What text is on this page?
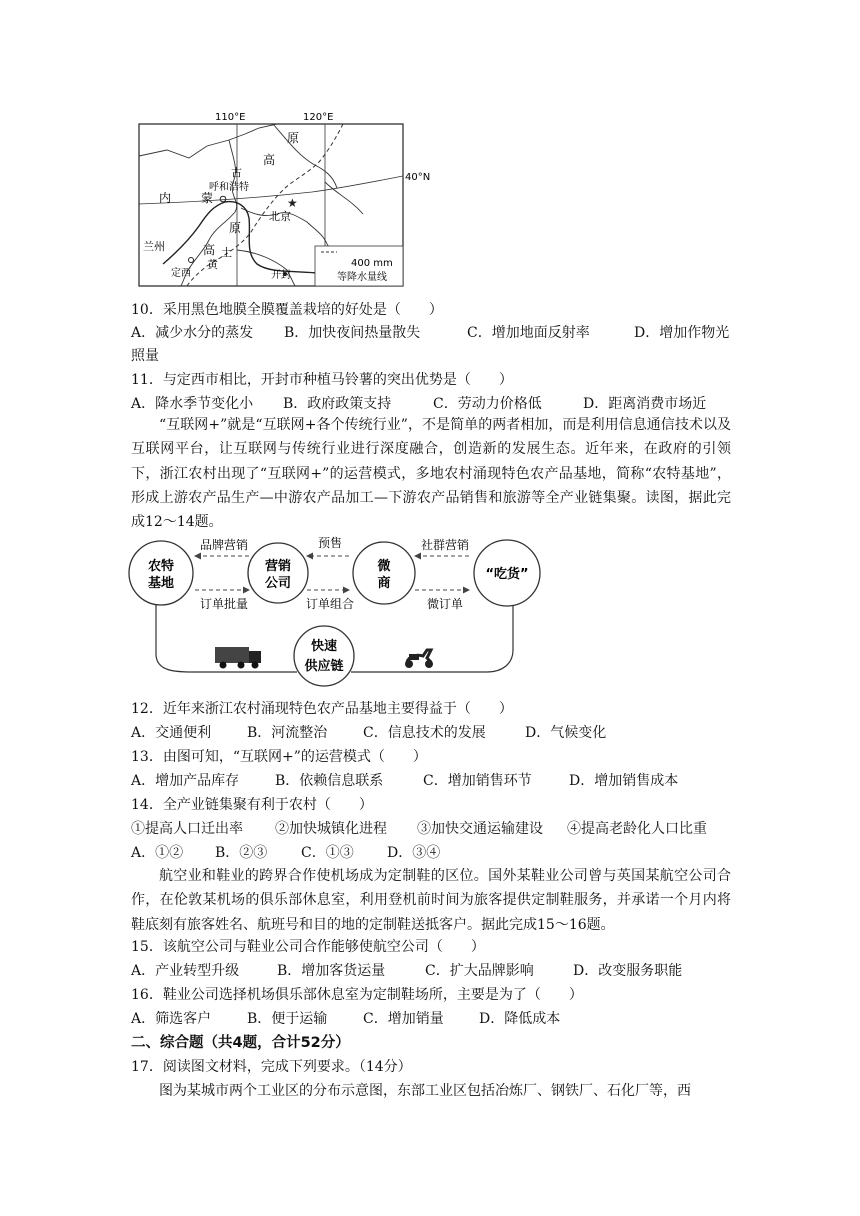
★
110°E	120°E
40°N
原
高
古
呼和浩特
内 蒙
北京
原
高 土
黄
兰州
定西	开封
400 mm
等降水量线
10．采用黑色地膜全膜覆盖栽培的好处是（　　）
A．减少水分的蒸发	B．加快夜间热量散失	C．增加地面反射率	D．增加作物光
照量
11．与定西市相比，开封市种植马铃薯的突出优势是（　　）
A．降水季节变化小	B．政府政策支持	C．劳动力价格低	D．距离消费市场近

“互联网+”就是“互联网+各个传统行业”，不是简单的两者相加，而是利用信息通信技术以及互联网平台，让互联网与传统行业进行深度融合，创造新的发展生态。近年来，在政府的引领下，浙江农村出现了“互联网+”的运营模式，多地农村涌现特色农产品基地，简称“农特基地”，形成上游农产品生产—中游农产品加工—下游农产品销售和旅游等全产业链集聚。读图，据此完成12～14题。

农特
基地
营销
公司
微
商
“吃货”
快速
供应链
品牌营销	预售	社群营销
订单批量	订单组合	微订单
12．近年来浙江农村涌现特色农产品基地主要得益于（　　）
A．交通便利	B．河流整治	C．信息技术的发展	D．气候变化
13．由图可知，“互联网+”的运营模式（　　）
A．增加产品库存	B．依赖信息联系	C．增加销售环节	D．增加销售成本
14．全产业链集聚有利于农村（　　）
①提高人口迁出率	②加快城镇化进程	③加快交通运输建设	④提高老龄化人口比重
A．①②	B．②③	C．①③	D．③④

航空业和鞋业的跨界合作使机场成为定制鞋的区位。国外某鞋业公司曾与英国某航空公司合作，在伦敦某机场的俱乐部休息室，利用登机前时间为旅客提供定制鞋服务，并承诺一个月内将鞋底刻有旅客姓名、航班号和目的地的定制鞋送抵客户。据此完成15～16题。

15．该航空公司与鞋业公司合作能够使航空公司（　　）
A．产业转型升级	B．增加客货运量	C．扩大品牌影响	D．改变服务职能
16．鞋业公司选择机场俱乐部休息室为定制鞋场所，主要是为了（　　）
A．筛选客户	B．便于运输	C．增加销量	D．降低成本
二、综合题（共4题，合计52分）
17．阅读图文材料，完成下列要求。（14分）
图为某城市两个工业区的分布示意图，东部工业区包括冶炼厂、钢铁厂、石化厂等，西
